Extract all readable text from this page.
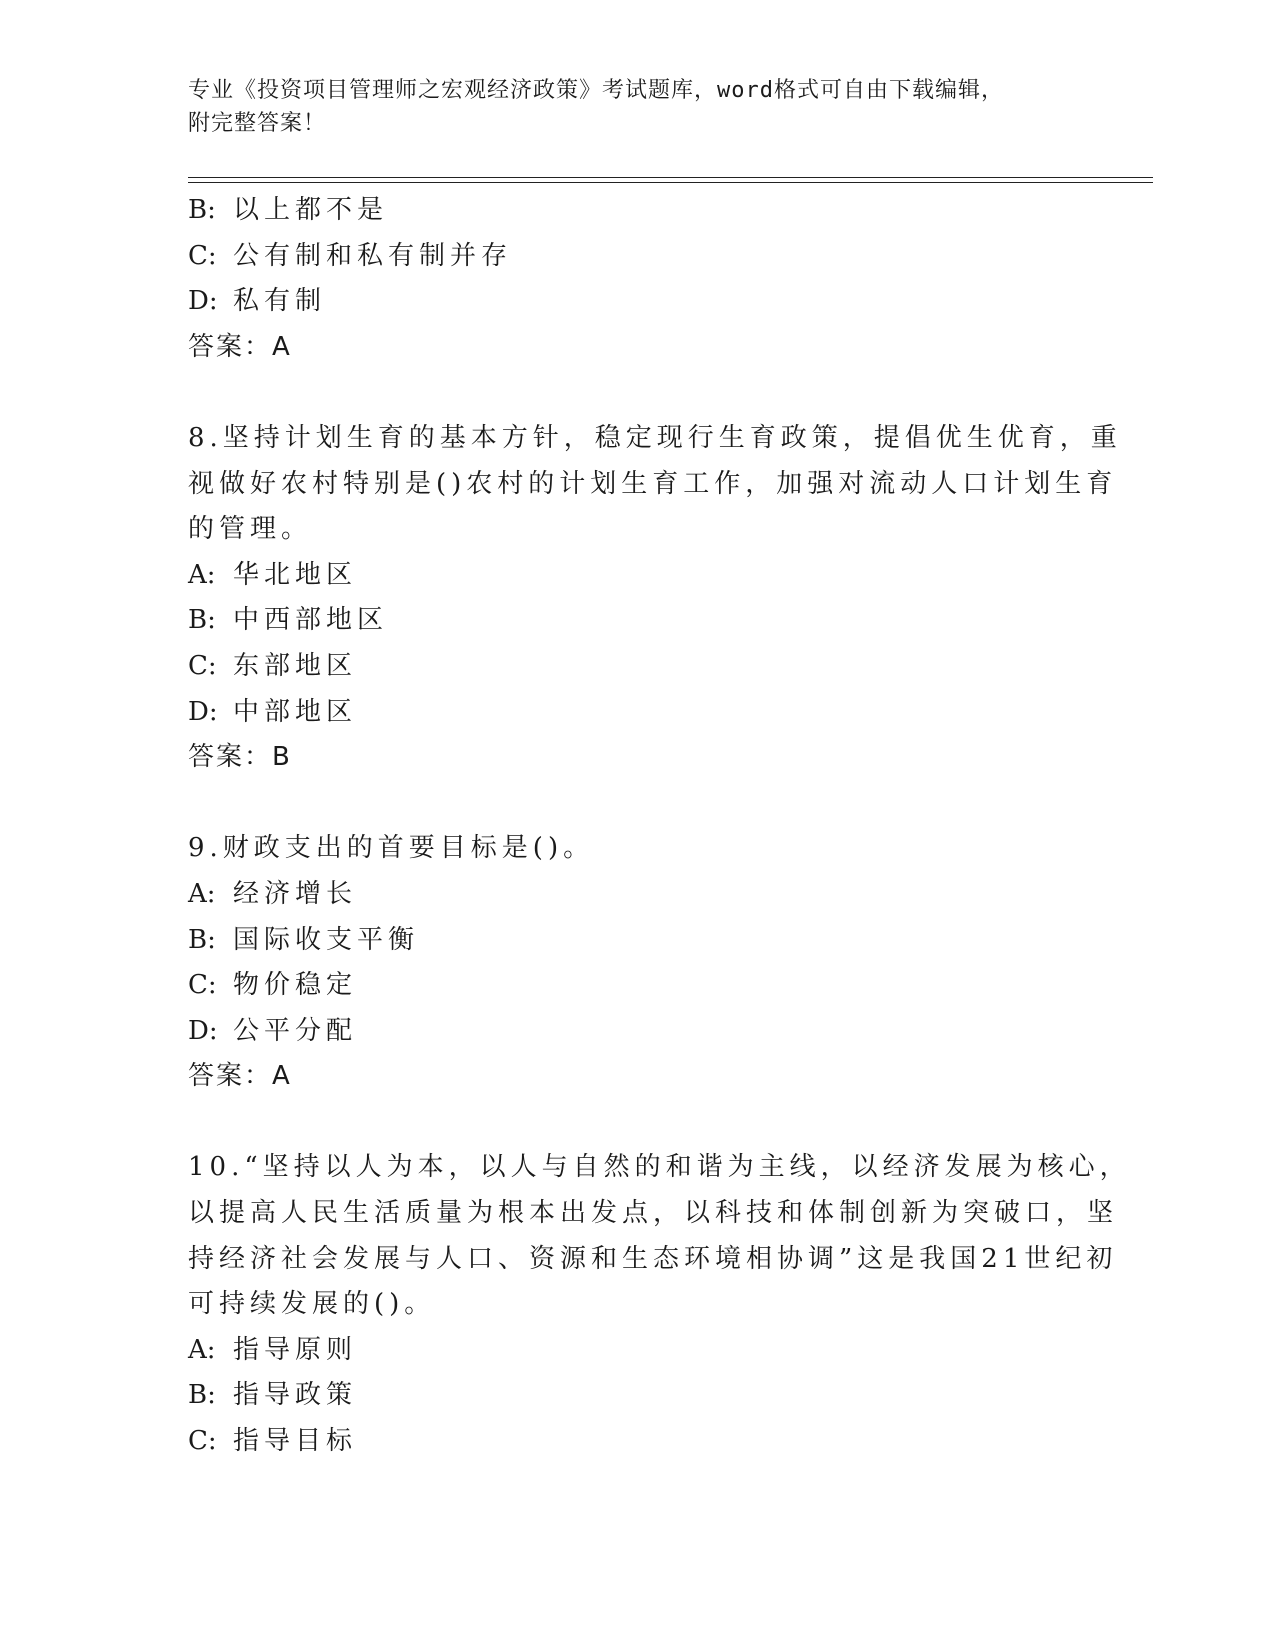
专业《投资项目管理师之宏观经济政策》考试题库，word格式可自由下载编辑，
附完整答案！
B: 以上都不是
C: 公有制和私有制并存
D: 私有制
答案：A
8.坚持计划生育的基本方针，稳定现行生育政策，提倡优生优育，重
视做好农村特别是()农村的计划生育工作，加强对流动人口计划生育
的管理。
A: 华北地区
B: 中西部地区
C: 东部地区
D: 中部地区
答案：B
9.财政支出的首要目标是()。
A: 经济增长
B: 国际收支平衡
C: 物价稳定
D: 公平分配
答案：A
10.“坚持以人为本，以人与自然的和谐为主线，以经济发展为核心，
以提高人民生活质量为根本出发点，以科技和体制创新为突破口，坚
持经济社会发展与人口、资源和生态环境相协调”这是我国21世纪初
可持续发展的()。
A: 指导原则
B: 指导政策
C: 指导目标
